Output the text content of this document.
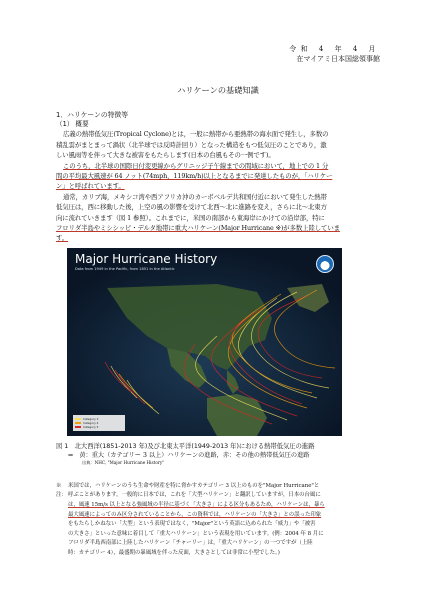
令和 4 年 4 月
在マイアミ日本国総領事館
ハリケーンの基礎知識
1．ハリケーンの特徴等
（1） 概要
広義の熱帯低気圧(Tropical Cyclone)とは，一般に熱帯から亜熱帯の海水面で発生し，多数の
積乱雲がまとまって渦状（北半球では反時計回り）となった構造をもつ低気圧のことであり，激
しい風雨等を伴って大きな被害をもたらします(日本の台風もその一例です)。
このうち，北半球の国際日付変更線からグリニッジ子午線までの間域において，地上での 1 分
間の平均最大風速が 64 ノット(74mph，119km/h)以上となるまでに発達したものが，「ハリケー
ン」と呼ばれています。
通常，カリブ海，メキシコ湾や西アフリカ沖のカーボベルデ共和国付近において発生した熱帯
低気圧は，西に移動した後，上空の風の影響を受けて北西〜北に進路を変え，さらに北〜北東方
向に流れていきます（図 1 参照）。これまでに，米国の南部から東海岸にかけての沿岸部，特に
フロリダ半島やミシシッピ・デルタ地帯に重大ハリケーン(Major Hurricane ※)が多数上陸していま
す。
Major Hurricane History
Data from 1949 in the Pacific, from 1851 in the Atlantic
Category 3
Category 4
Category 5
図 1　北大西洋(1851-2013 年)及び北東太平洋(1949-2013 年)における熱帯低気圧の進路
⇒　黄：重大（カテゴリー 3 以上）ハリケーンの進路，赤：その他の熱帯低気圧の進路
出典：NHC, "Major Hurricane History"
※注：
米国では，ハリケーンのうち生命や財産を特に脅かすカテゴリー 3 以上のものを"Major Hurricane"と
呼ぶことがあります。一般的に日本では，これを「大型ハリケーン」と翻訳していますが，日本の台風に
は，風速 15m/s 以上となる強風域の半径に基づく「大きさ」による区分もあるため，ハリケーンは，暴ら
最大風速によってのみ区分されていることから，この資料では，ハリケーンの「大きさ」との誤った印象
をもたらしかねない「大型」という表現ではなく，"Major"という英語に込められた「威力」や「被害
の大きさ」といった意味に着目して「重大ハリケーン」という表現を用いています。(例：2004 年 8 月に
フロリダ半島西南部に上陸したハリケーン「チャーリー」は，「重大ハリケーン」の一つですが（上陸
時：カテゴリー 4），最盛期の暴風域を伴った反面，大きさとしては非常に小型でした。)
